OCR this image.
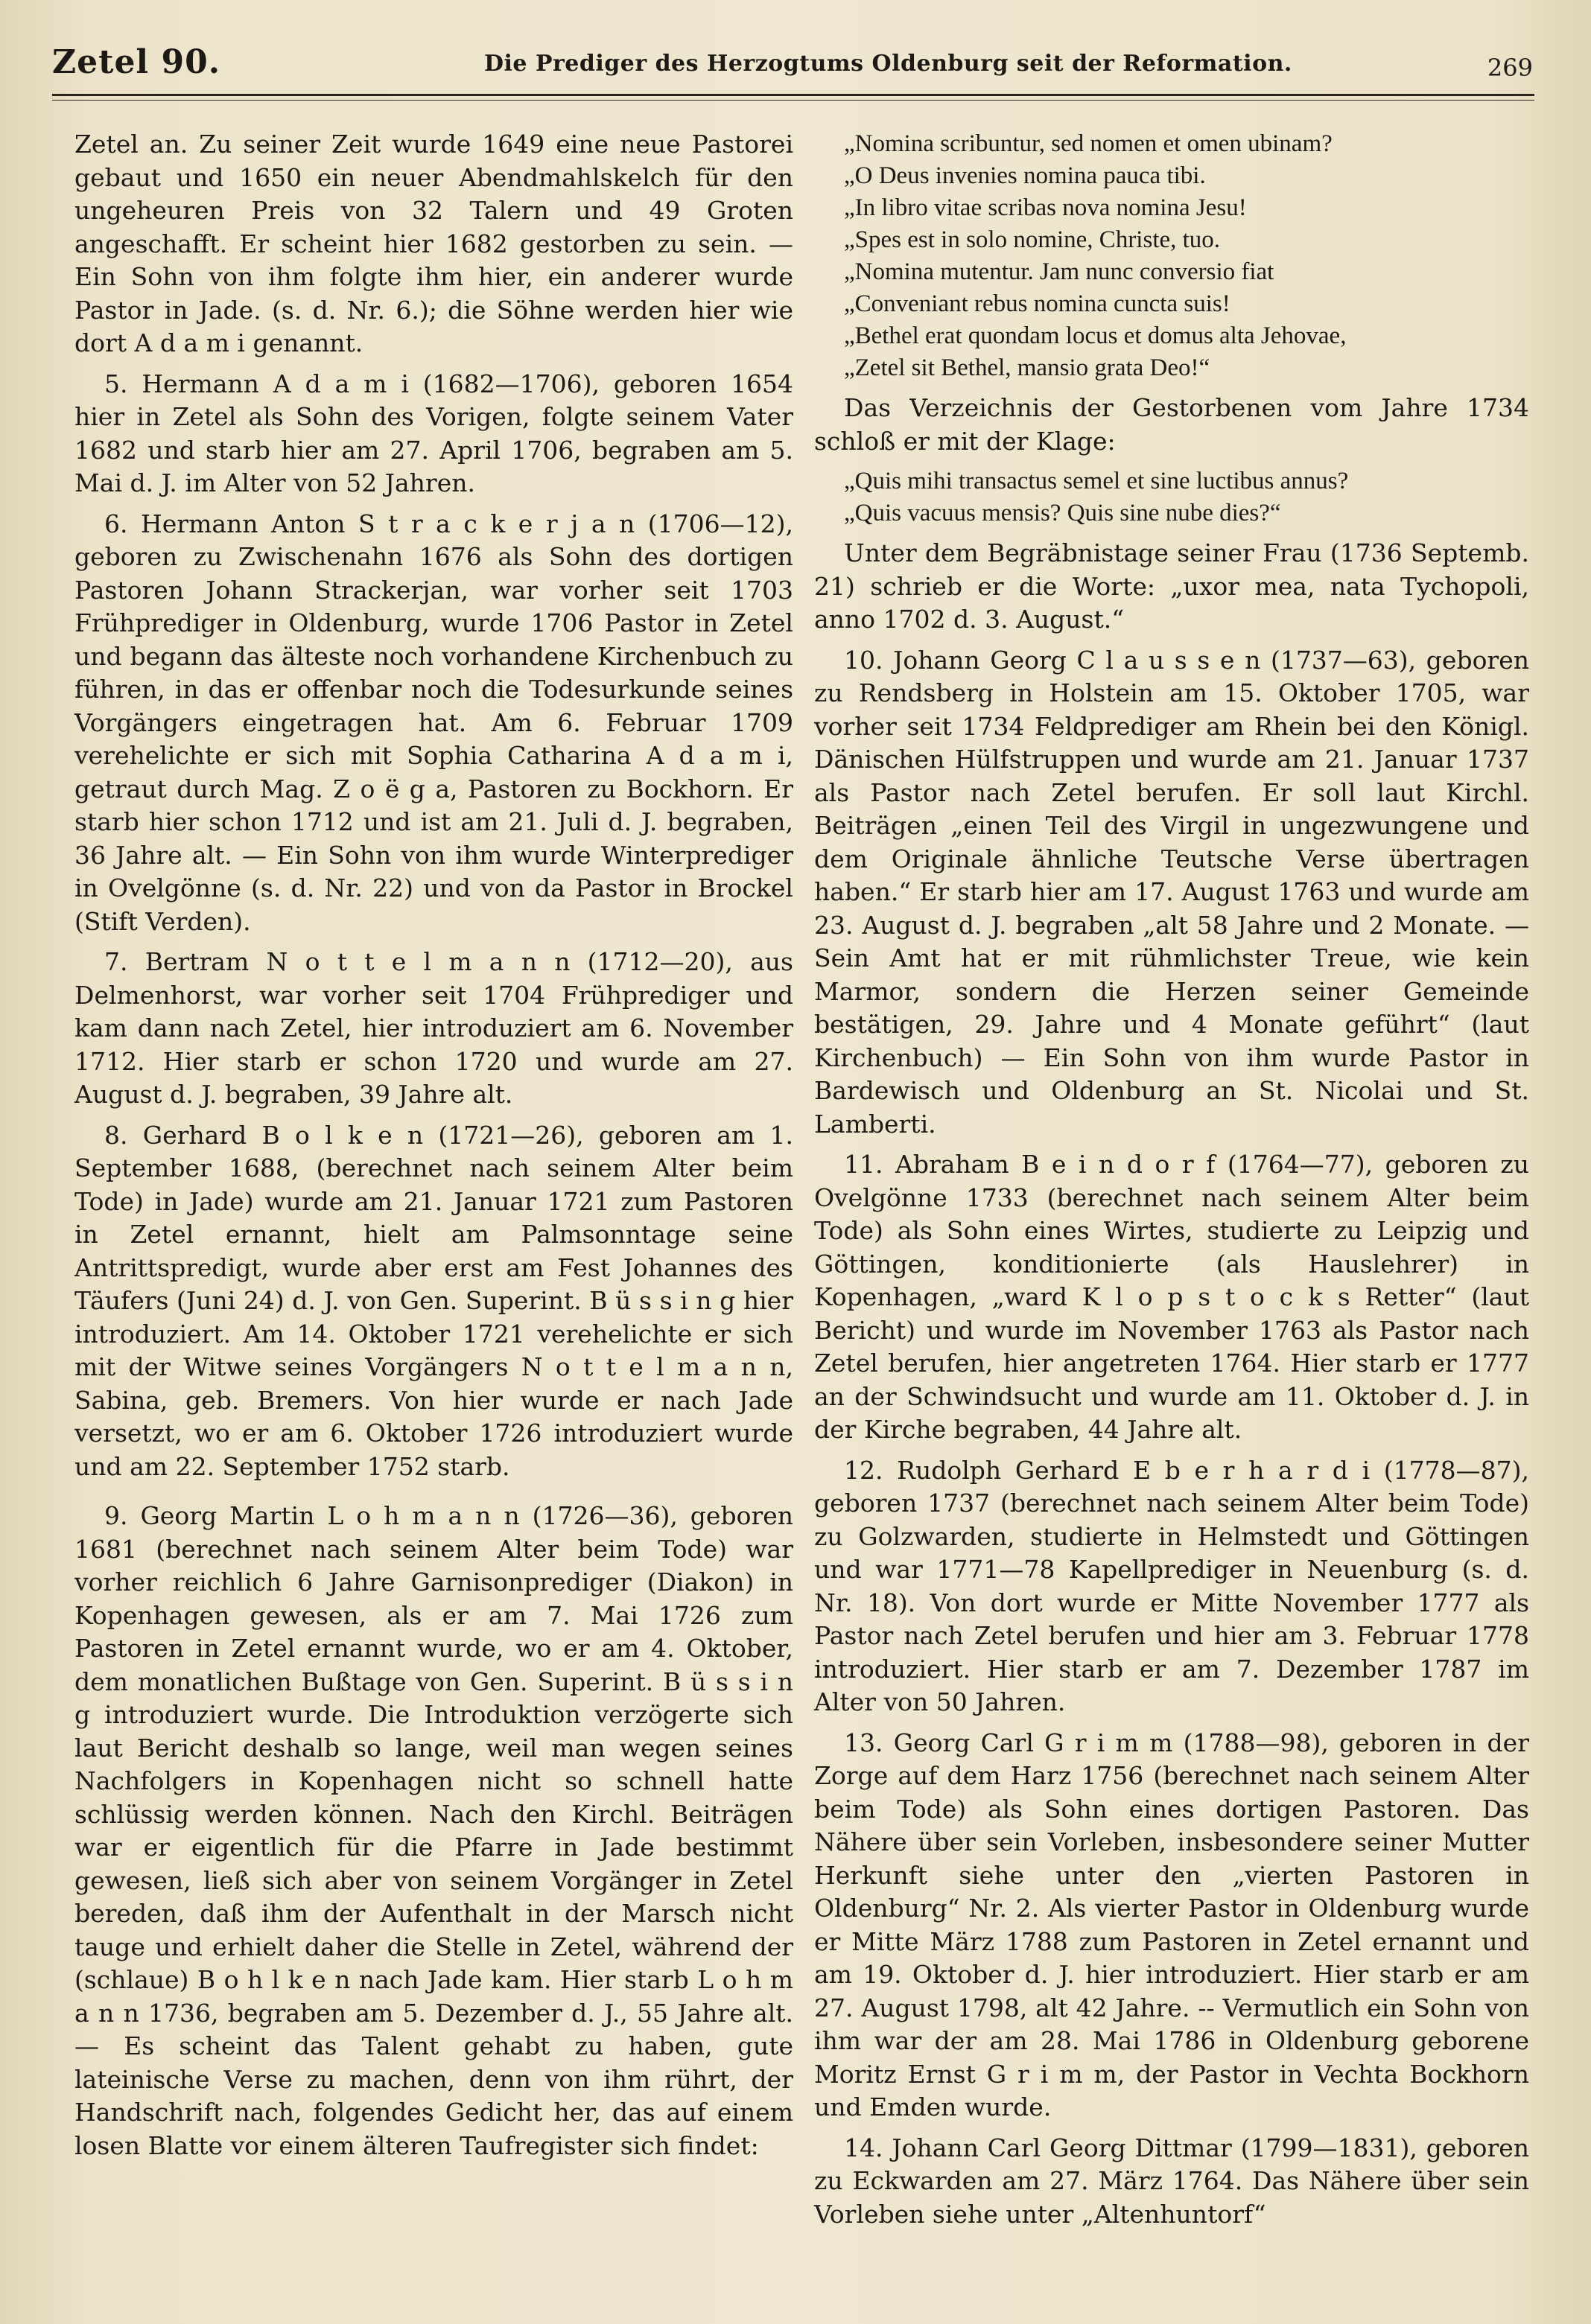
Zetel 90.	Die Prediger des Herzogtums Oldenburg seit der Reformation.	269

Zetel an. Zu seiner Zeit wurde 1649 eine neue Pastorei gebaut und 1650 ein neuer Abendmahlskelch für den ungeheuren Preis von 32 Talern und 49 Groten angeschafft. Er scheint hier 1682 gestorben zu sein. — Ein Sohn von ihm folgte ihm hier, ein anderer wurde Pastor in Jade. (s. d. Nr. 6.); die Söhne werden hier wie dort A d a m i genannt.

5. Hermann A d a m i (1682—1706), geboren 1654 hier in Zetel als Sohn des Vorigen, folgte seinem Vater 1682 und starb hier am 27. April 1706, begraben am 5. Mai d. J. im Alter von 52 Jahren.

6. Hermann Anton S t r a c k e r j a n (1706—12), geboren zu Zwischenahn 1676 als Sohn des dortigen Pastoren Johann Strackerjan, war vorher seit 1703 Frühprediger in Oldenburg, wurde 1706 Pastor in Zetel und begann das älteste noch vorhandene Kirchenbuch zu führen, in das er offenbar noch die Todesurkunde seines Vorgängers eingetragen hat. Am 6. Februar 1709 verehelichte er sich mit Sophia Catharina A d a m i, getraut durch Mag. Z o ë g a, Pastoren zu Bockhorn. Er starb hier schon 1712 und ist am 21. Juli d. J. begraben, 36 Jahre alt. — Ein Sohn von ihm wurde Winterprediger in Ovelgönne (s. d. Nr. 22) und von da Pastor in Brockel (Stift Verden).

7. Bertram N o t t e l m a n n (1712—20), aus Delmenhorst, war vorher seit 1704 Frühprediger und kam dann nach Zetel, hier introduziert am 6. November 1712. Hier starb er schon 1720 und wurde am 27. August d. J. begraben, 39 Jahre alt.

8. Gerhard B o l k e n (1721—26), geboren am 1. September 1688, (berechnet nach seinem Alter beim Tode) in Jade) wurde am 21. Januar 1721 zum Pastoren in Zetel ernannt, hielt am Palmsonntage seine Antrittspredigt, wurde aber erst am Fest Johannes des Täufers (Juni 24) d. J. von Gen. Superint. B ü s s i n g hier introduziert. Am 14. Oktober 1721 verehelichte er sich mit der Witwe seines Vorgängers N o t t e l m a n n, Sabina, geb. Bremers. Von hier wurde er nach Jade versetzt, wo er am 6. Oktober 1726 introduziert wurde und am 22. September 1752 starb.

9. Georg Martin L o h m a n n (1726—36), geboren 1681 (berechnet nach seinem Alter beim Tode) war vorher reichlich 6 Jahre Garnisonprediger (Diakon) in Kopenhagen gewesen, als er am 7. Mai 1726 zum Pastoren in Zetel ernannt wurde, wo er am 4. Oktober, dem monatlichen Bußtage von Gen. Superint. B ü s s i n g introduziert wurde. Die Introduktion verzögerte sich laut Bericht deshalb so lange, weil man wegen seines Nachfolgers in Kopenhagen nicht so schnell hatte schlüssig werden können. Nach den Kirchl. Beiträgen war er eigentlich für die Pfarre in Jade bestimmt gewesen, ließ sich aber von seinem Vorgänger in Zetel bereden, daß ihm der Aufenthalt in der Marsch nicht tauge und erhielt daher die Stelle in Zetel, während der (schlaue) B o h l k e n nach Jade kam. Hier starb L o h m a n n 1736, begraben am 5. Dezember d. J., 55 Jahre alt. — Es scheint das Talent gehabt zu haben, gute lateinische Verse zu machen, denn von ihm rührt, der Handschrift nach, folgendes Gedicht her, das auf einem losen Blatte vor einem älteren Taufregister sich findet:

„Nomina scribuntur, sed nomen et omen ubinam?
„O Deus invenies nomina pauca tibi.
„In libro vitae scribas nova nomina Jesu!
„Spes est in solo nomine, Christe, tuo.
„Nomina mutentur. Jam nunc conversio fiat
„Conveniant rebus nomina cuncta suis!
„Bethel erat quondam locus et domus alta Jehovae,
„Zetel sit Bethel, mansio grata Deo!“

Das Verzeichnis der Gestorbenen vom Jahre 1734 schloß er mit der Klage:

„Quis mihi transactus semel et sine luctibus annus?
„Quis vacuus mensis? Quis sine nube dies?“

Unter dem Begräbnistage seiner Frau (1736 Septemb. 21) schrieb er die Worte: „uxor mea, nata Tychopoli, anno 1702 d. 3. August.“

10. Johann Georg C l a u s s e n (1737—63), geboren zu Rendsberg in Holstein am 15. Oktober 1705, war vorher seit 1734 Feldprediger am Rhein bei den Königl. Dänischen Hülfstruppen und wurde am 21. Januar 1737 als Pastor nach Zetel berufen. Er soll laut Kirchl. Beiträgen „einen Teil des Virgil in ungezwungene und dem Originale ähnliche Teutsche Verse übertragen haben.“ Er starb hier am 17. August 1763 und wurde am 23. August d. J. begraben „alt 58 Jahre und 2 Monate. — Sein Amt hat er mit rühmlichster Treue, wie kein Marmor, sondern die Herzen seiner Gemeinde bestätigen, 29. Jahre und 4 Monate geführt“ (laut Kirchenbuch) — Ein Sohn von ihm wurde Pastor in Bardewisch und Oldenburg an St. Nicolai und St. Lamberti.

11. Abraham B e i n d o r f (1764—77), geboren zu Ovelgönne 1733 (berechnet nach seinem Alter beim Tode) als Sohn eines Wirtes, studierte zu Leipzig und Göttingen, konditionierte (als Hauslehrer) in Kopenhagen, „ward K l o p s t o c k s Retter“ (laut Bericht) und wurde im November 1763 als Pastor nach Zetel berufen, hier angetreten 1764. Hier starb er 1777 an der Schwindsucht und wurde am 11. Oktober d. J. in der Kirche begraben, 44 Jahre alt.

12. Rudolph Gerhard E b e r h a r d i (1778—87), geboren 1737 (berechnet nach seinem Alter beim Tode) zu Golzwarden, studierte in Helmstedt und Göttingen und war 1771—78 Kapellprediger in Neuenburg (s. d. Nr. 18). Von dort wurde er Mitte November 1777 als Pastor nach Zetel berufen und hier am 3. Februar 1778 introduziert. Hier starb er am 7. Dezember 1787 im Alter von 50 Jahren.

13. Georg Carl G r i m m (1788—98), geboren in der Zorge auf dem Harz 1756 (berechnet nach seinem Alter beim Tode) als Sohn eines dortigen Pastoren. Das Nähere über sein Vorleben, insbesondere seiner Mutter Herkunft siehe unter den „vierten Pastoren in Oldenburg“ Nr. 2. Als vierter Pastor in Oldenburg wurde er Mitte März 1788 zum Pastoren in Zetel ernannt und am 19. Oktober d. J. hier introduziert. Hier starb er am 27. August 1798, alt 42 Jahre. -- Vermutlich ein Sohn von ihm war der am 28. Mai 1786 in Oldenburg geborene Moritz Ernst G r i m m, der Pastor in Vechta Bockhorn und Emden wurde.

14. Johann Carl Georg Dittmar (1799—1831), geboren zu Eckwarden am 27. März 1764. Das Nähere über sein Vorleben siehe unter „Altenhuntorf“
